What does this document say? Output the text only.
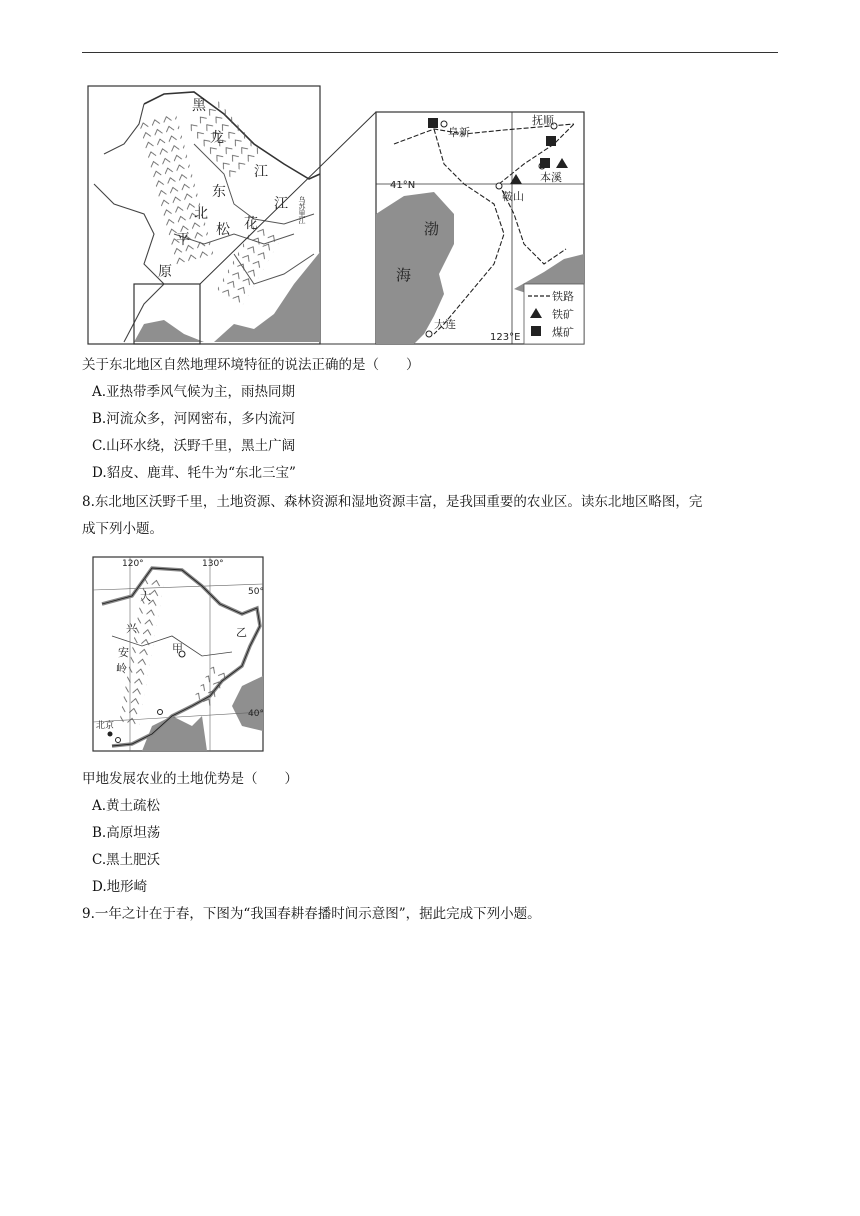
黑
龙
江
东
北
松 花
江
平
原
乌苏里江
阜新
抚顺
本溪
鞍山
大连
41°N
123°E
渤
海
铁路
铁矿
煤矿
关于东北地区自然地理环境特征的说法正确的是（　　）
A.亚热带季风气候为主，雨热同期
B.河流众多，河网密布，多内流河
C.山环水绕，沃野千里，黑土广阔
D.貂皮、鹿茸、牦牛为“东北三宝”
8.东北地区沃野千里，土地资源、森林资源和湿地资源丰富，是我国重要的农业区。读东北地区略图，完
成下列小题。
120°	130°
50°
40°
大
兴
安
岭
甲
乙
北京
甲地发展农业的土地优势是（　　）
A.黄土疏松
B.高原坦荡
C.黑土肥沃
D.地形崎
9.一年之计在于春，下图为“我国春耕春播时间示意图”，据此完成下列小题。
